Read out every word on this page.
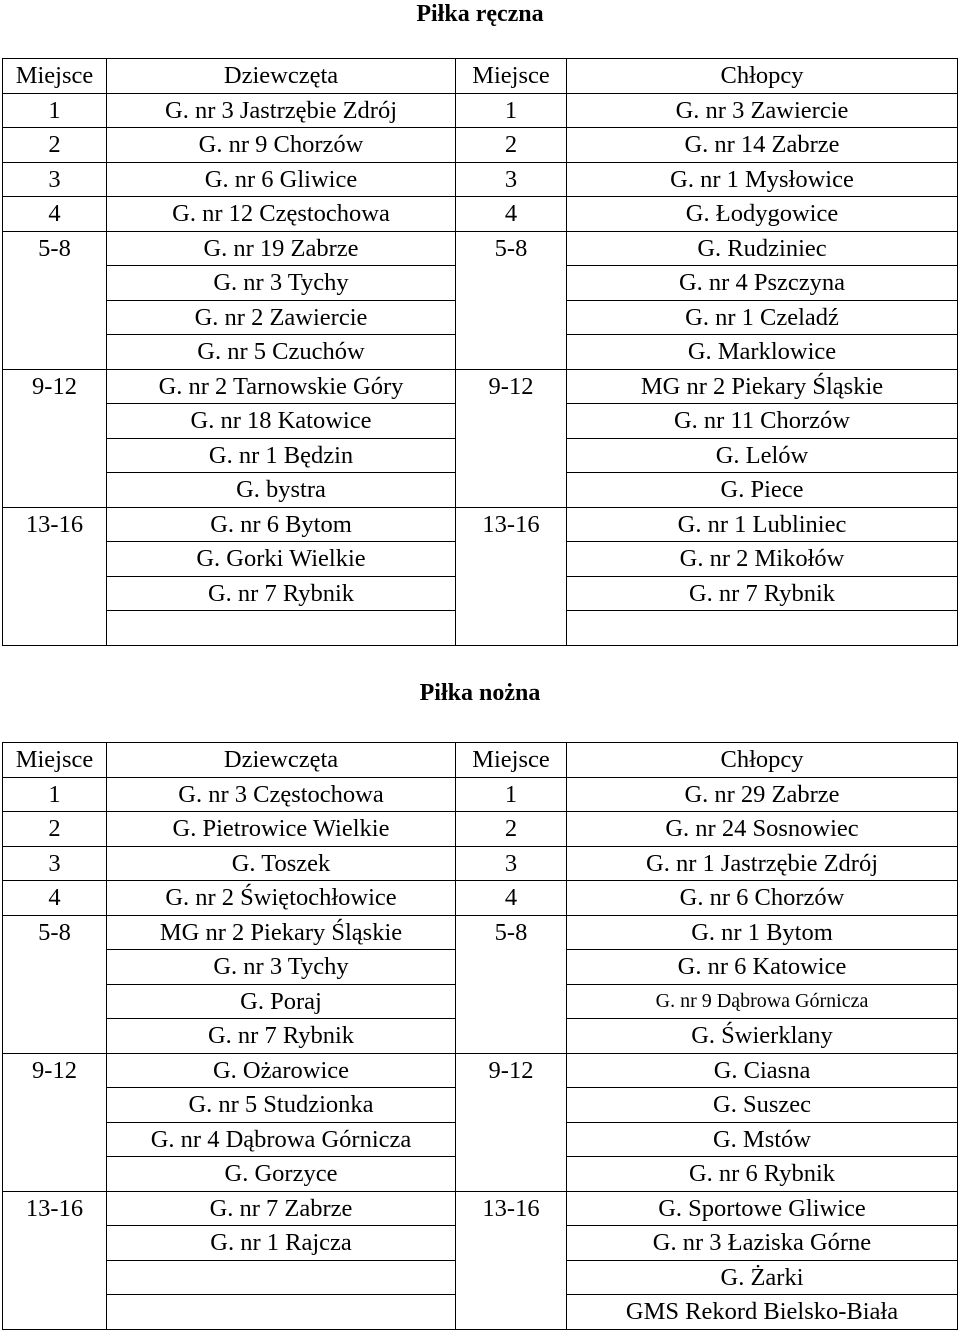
Piłka ręczna
Miejsce	Dziewczęta	Miejsce	Chłopcy
1	G. nr 3 Jastrzębie Zdrój	1	G. nr 3 Zawiercie
2	G. nr 9 Chorzów	2	G. nr 14 Zabrze
3	G. nr 6 Gliwice	3	G. nr 1 Mysłowice
4	G. nr 12 Częstochowa	4	G. Łodygowice
5-8	G. nr 19 Zabrze	5-8	G. Rudziniec
	G. nr 3 Tychy		G. nr 4 Pszczyna
	G. nr 2 Zawiercie		G. nr 1 Czeladź
	G. nr 5 Czuchów		G. Marklowice
9-12	G. nr 2 Tarnowskie Góry	9-12	MG nr 2 Piekary Śląskie
	G. nr 18 Katowice		G. nr 11 Chorzów
	G. nr 1 Będzin		G. Lelów
	G. bystra		G. Piece
13-16	G. nr 6 Bytom	13-16	G. nr 1 Lubliniec
	G. Gorki Wielkie		G. nr 2 Mikołów
	G. nr 7 Rybnik		G. nr 7 Rybnik

Piłka nożna
Miejsce	Dziewczęta	Miejsce	Chłopcy
1	G. nr 3 Częstochowa	1	G. nr 29 Zabrze
2	G. Pietrowice Wielkie	2	G. nr 24 Sosnowiec
3	G. Toszek	3	G. nr 1 Jastrzębie Zdrój
4	G. nr 2 Świętochłowice	4	G. nr 6 Chorzów
5-8	MG nr 2 Piekary Śląskie	5-8	G. nr 1 Bytom
	G. nr 3 Tychy		G. nr 6 Katowice
	G. Poraj		G. nr 9 Dąbrowa Górnicza
	G. nr 7 Rybnik		G. Świerklany
9-12	G. Ożarowice	9-12	G. Ciasna
	G. nr 5 Studzionka		G. Suszec
	G. nr 4 Dąbrowa Górnicza		G. Mstów
	G. Gorzyce		G. nr 6 Rybnik
13-16	G. nr 7 Zabrze	13-16	G. Sportowe Gliwice
	G. nr 1 Rajcza		G. nr 3 Łaziska Górne
			G. Żarki
			GMS Rekord Bielsko-Biała
